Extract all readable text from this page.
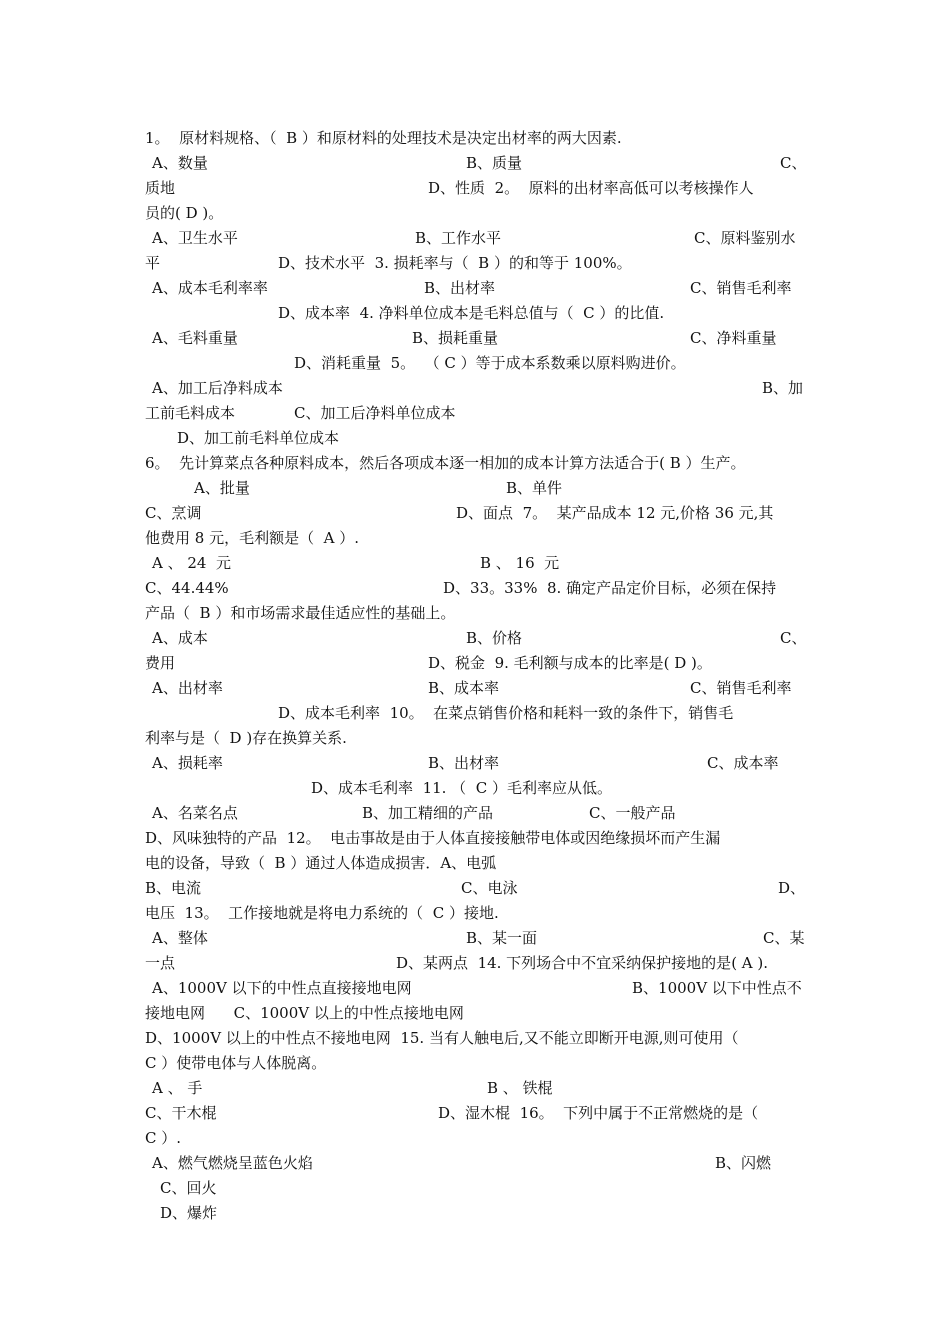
1。  原材料规格、（  B ）和原材料的处理技术是决定出材率的两大因素.
A、数量	B、质量	C、
质地	D、性质  2。  原料的出材率高低可以考核操作人
员的( D )。
A、卫生水平	B、工作水平	C、原料鉴别水
平	D、技术水平  3. 损耗率与（  B ）的和等于 100%。
A、成本毛利率率	B、出材率	C、销售毛利率
D、成本率  4. 净料单位成本是毛料总值与（  C ）的比值.
A、毛料重量	B、损耗重量	C、净料重量
D、消耗重量  5。  （ C ）等于成本系数乘以原料购进价。
A、加工后净料成本	B、加
工前毛料成本	C、加工后净料单位成本
D、加工前毛料单位成本
6。  先计算菜点各种原料成本，然后各项成本逐一相加的成本计算方法适合于( B ）生产。
A、批量	B、单件
C、烹调	D、面点  7。  某产品成本 12 元,价格 36 元,其
他费用 8 元，毛利额是（  A ）.
A 、 24  元	B 、 16  元
C、44.44%	D、33。33%  8. 确定产品定价目标，必须在保持
产品（  B ）和市场需求最佳适应性的基础上。
A、成本	B、价格	C、
费用	D、税金  9. 毛利额与成本的比率是( D )。
A、出材率	B、成本率	C、销售毛利率
D、成本毛利率  10。  在菜点销售价格和耗料一致的条件下，销售毛
利率与是（  D )存在换算关系.
A、损耗率	B、出材率	C、成本率
D、成本毛利率  11. （  C ）毛利率应从低。
A、名菜名点	B、加工精细的产品	C、一般产品
D、风味独特的产品  12。  电击事故是由于人体直接接触带电体或因绝缘损坏而产生漏
电的设备，导致（  B ）通过人体造成损害．A、电弧
B、电流	C、电泳	D、
电压  13。  工作接地就是将电力系统的（  C ）接地.
A、整体	B、某一面	C、某
一点	D、某两点  14. 下列场合中不宜采纳保护接地的是( A ).
A、1000V 以下的中性点直接接地电网	B、1000V 以下中性点不
接地电网      C、1000V 以上的中性点接地电网
D、1000V 以上的中性点不接地电网  15. 当有人触电后,又不能立即断开电源,则可使用（
C ）使带电体与人体脱离。
A 、 手	B 、 铁棍
C、干木棍	D、湿木棍  16。  下列中属于不正常燃烧的是（
C ）.
A、燃气燃烧呈蓝色火焰	B、闪燃
C、回火
D、爆炸
